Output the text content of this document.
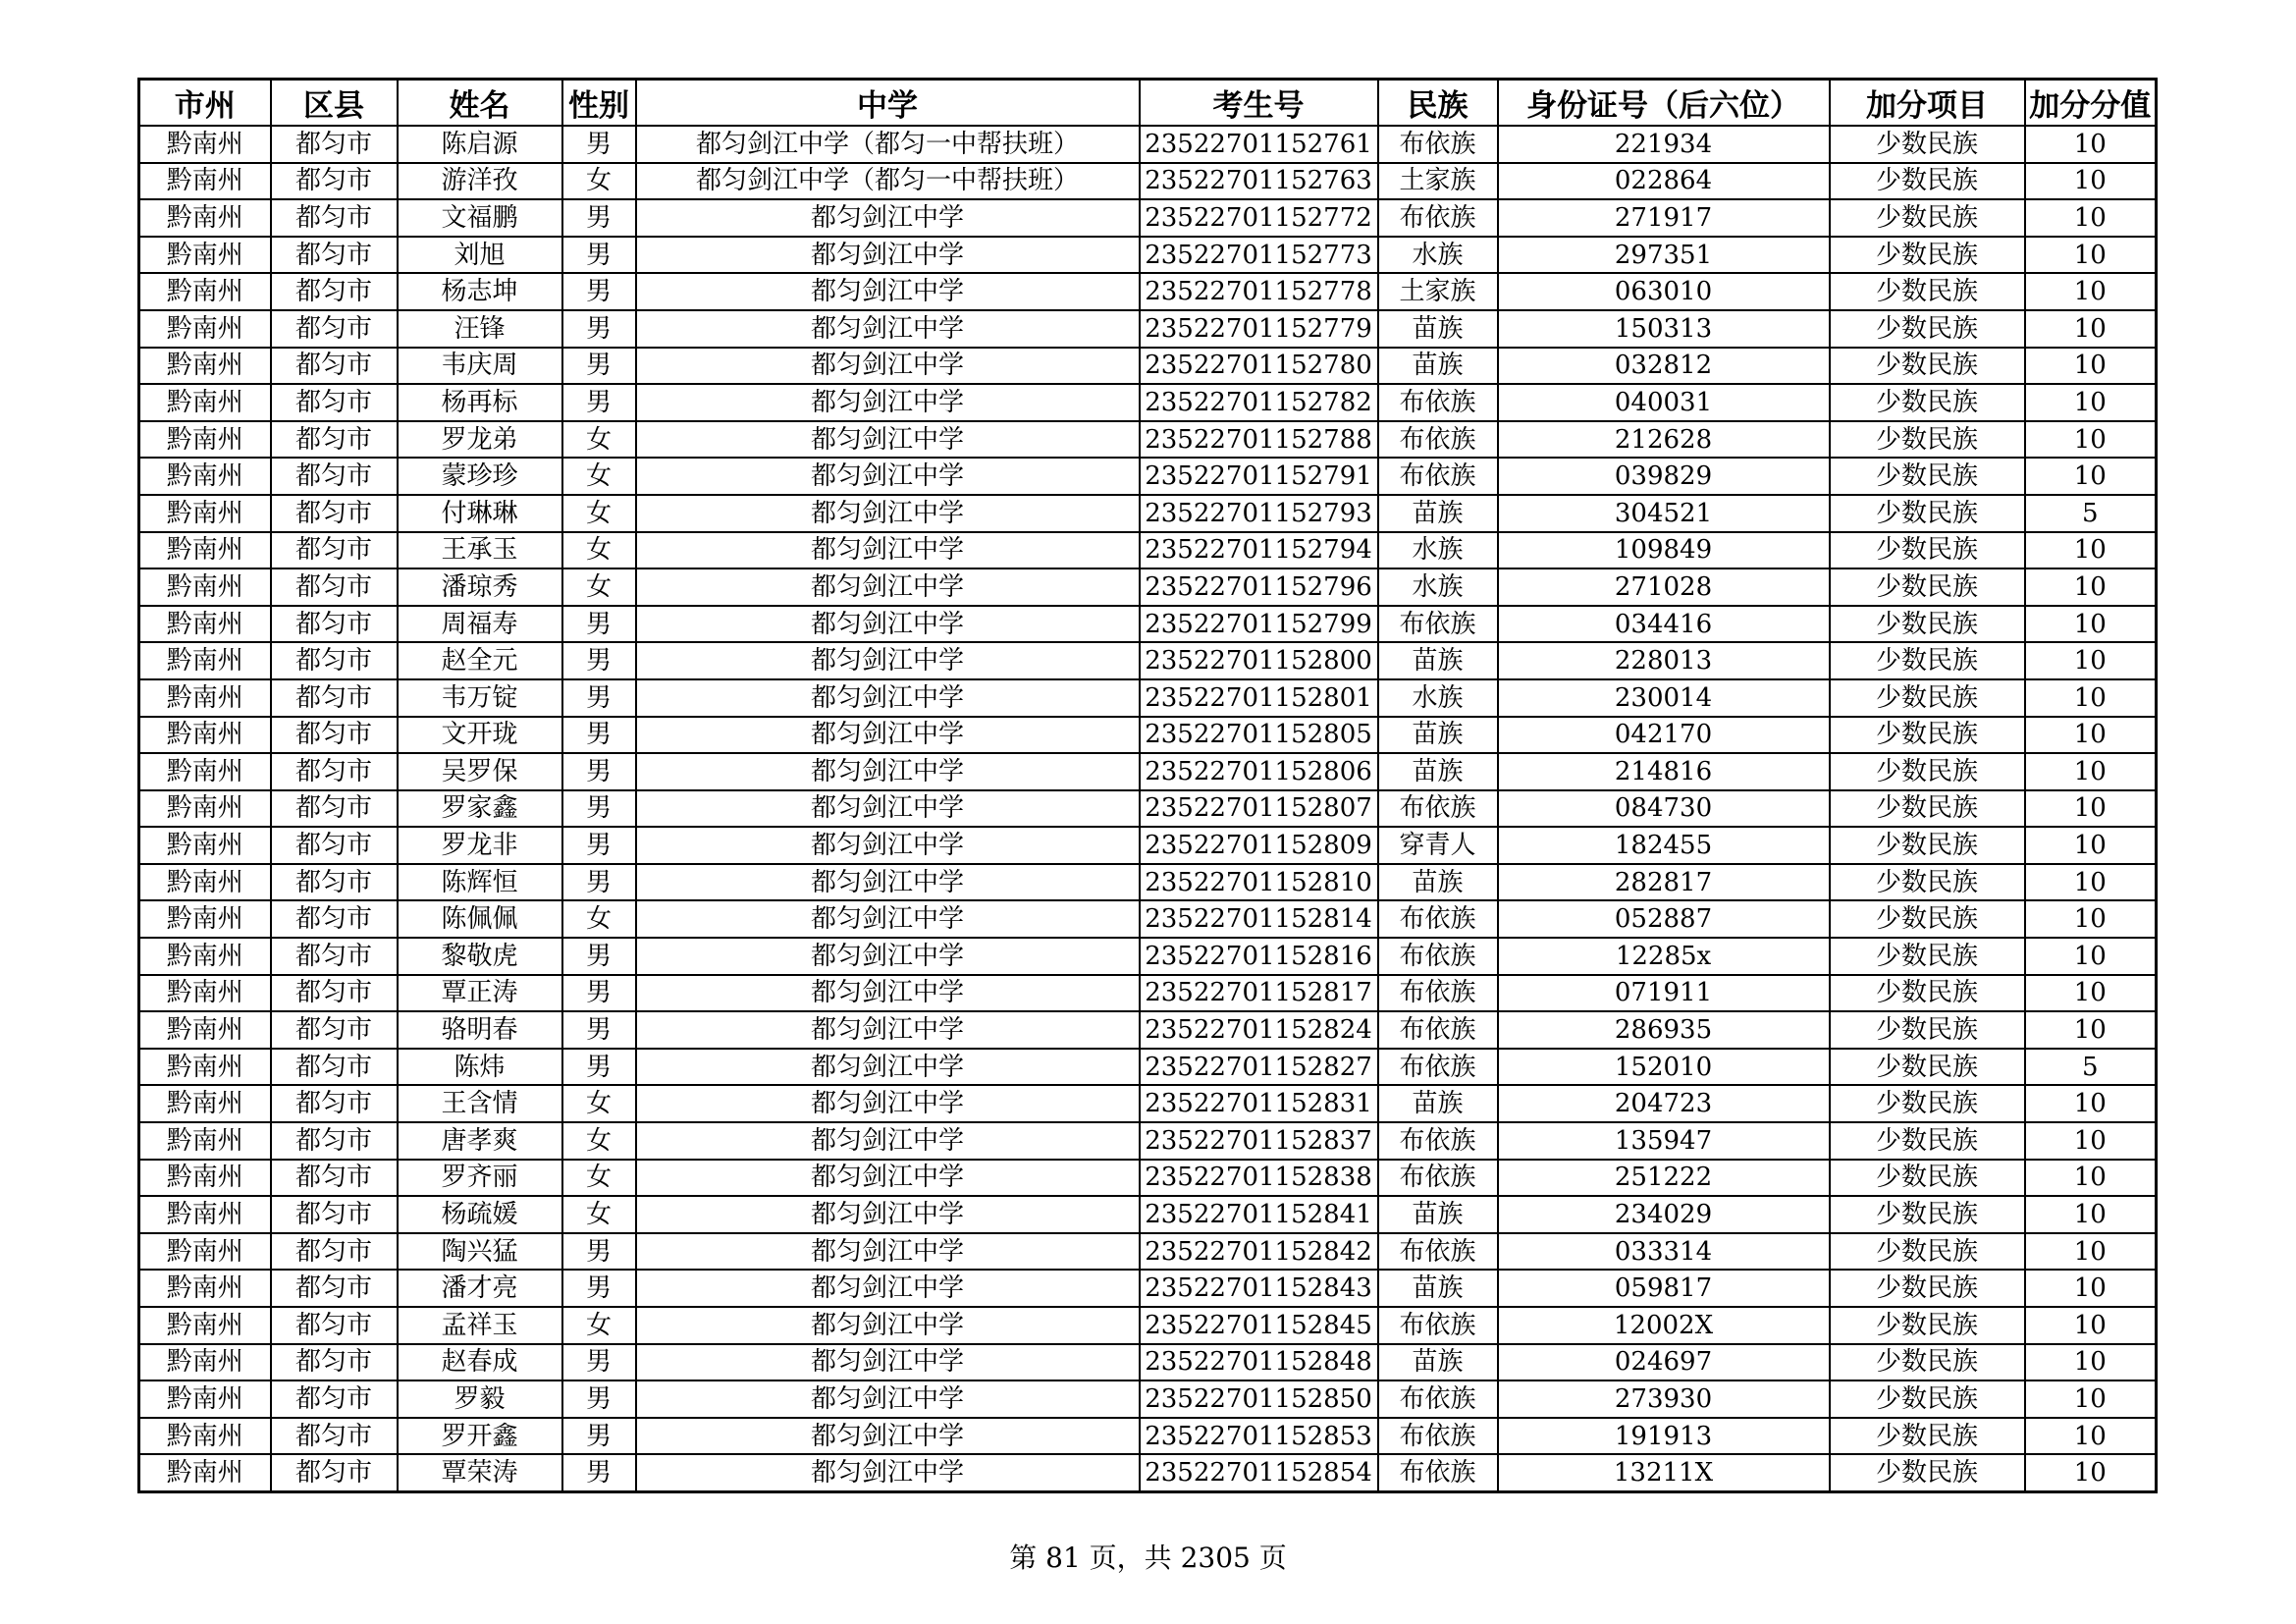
市州	区县	姓名	性别	中学	考生号	民族	身份证号（后六位）	加分项目	加分分值
黔南州	都匀市	陈启源	男	都匀剑江中学（都匀一中帮扶班）	23522701152761	布依族	221934	少数民族	10
黔南州	都匀市	游洋孜	女	都匀剑江中学（都匀一中帮扶班）	23522701152763	土家族	022864	少数民族	10
黔南州	都匀市	文福鹏	男	都匀剑江中学	23522701152772	布依族	271917	少数民族	10
黔南州	都匀市	刘旭	男	都匀剑江中学	23522701152773	水族	297351	少数民族	10
黔南州	都匀市	杨志坤	男	都匀剑江中学	23522701152778	土家族	063010	少数民族	10
黔南州	都匀市	汪锋	男	都匀剑江中学	23522701152779	苗族	150313	少数民族	10
黔南州	都匀市	韦庆周	男	都匀剑江中学	23522701152780	苗族	032812	少数民族	10
黔南州	都匀市	杨再标	男	都匀剑江中学	23522701152782	布依族	040031	少数民族	10
黔南州	都匀市	罗龙弟	女	都匀剑江中学	23522701152788	布依族	212628	少数民族	10
黔南州	都匀市	蒙珍珍	女	都匀剑江中学	23522701152791	布依族	039829	少数民族	10
黔南州	都匀市	付琳琳	女	都匀剑江中学	23522701152793	苗族	304521	少数民族	5
黔南州	都匀市	王承玉	女	都匀剑江中学	23522701152794	水族	109849	少数民族	10
黔南州	都匀市	潘琼秀	女	都匀剑江中学	23522701152796	水族	271028	少数民族	10
黔南州	都匀市	周福寿	男	都匀剑江中学	23522701152799	布依族	034416	少数民族	10
黔南州	都匀市	赵全元	男	都匀剑江中学	23522701152800	苗族	228013	少数民族	10
黔南州	都匀市	韦万锭	男	都匀剑江中学	23522701152801	水族	230014	少数民族	10
黔南州	都匀市	文开珑	男	都匀剑江中学	23522701152805	苗族	042170	少数民族	10
黔南州	都匀市	吴罗保	男	都匀剑江中学	23522701152806	苗族	214816	少数民族	10
黔南州	都匀市	罗家鑫	男	都匀剑江中学	23522701152807	布依族	084730	少数民族	10
黔南州	都匀市	罗龙非	男	都匀剑江中学	23522701152809	穿青人	182455	少数民族	10
黔南州	都匀市	陈辉恒	男	都匀剑江中学	23522701152810	苗族	282817	少数民族	10
黔南州	都匀市	陈佩佩	女	都匀剑江中学	23522701152814	布依族	052887	少数民族	10
黔南州	都匀市	黎敬虎	男	都匀剑江中学	23522701152816	布依族	12285x	少数民族	10
黔南州	都匀市	覃正涛	男	都匀剑江中学	23522701152817	布依族	071911	少数民族	10
黔南州	都匀市	骆明春	男	都匀剑江中学	23522701152824	布依族	286935	少数民族	10
黔南州	都匀市	陈炜	男	都匀剑江中学	23522701152827	布依族	152010	少数民族	5
黔南州	都匀市	王含情	女	都匀剑江中学	23522701152831	苗族	204723	少数民族	10
黔南州	都匀市	唐孝爽	女	都匀剑江中学	23522701152837	布依族	135947	少数民族	10
黔南州	都匀市	罗齐丽	女	都匀剑江中学	23522701152838	布依族	251222	少数民族	10
黔南州	都匀市	杨疏媛	女	都匀剑江中学	23522701152841	苗族	234029	少数民族	10
黔南州	都匀市	陶兴猛	男	都匀剑江中学	23522701152842	布依族	033314	少数民族	10
黔南州	都匀市	潘才亮	男	都匀剑江中学	23522701152843	苗族	059817	少数民族	10
黔南州	都匀市	孟祥玉	女	都匀剑江中学	23522701152845	布依族	12002X	少数民族	10
黔南州	都匀市	赵春成	男	都匀剑江中学	23522701152848	苗族	024697	少数民族	10
黔南州	都匀市	罗毅	男	都匀剑江中学	23522701152850	布依族	273930	少数民族	10
黔南州	都匀市	罗开鑫	男	都匀剑江中学	23522701152853	布依族	191913	少数民族	10
黔南州	都匀市	覃荣涛	男	都匀剑江中学	23522701152854	布依族	13211X	少数民族	10
第 81 页，共 2305 页
